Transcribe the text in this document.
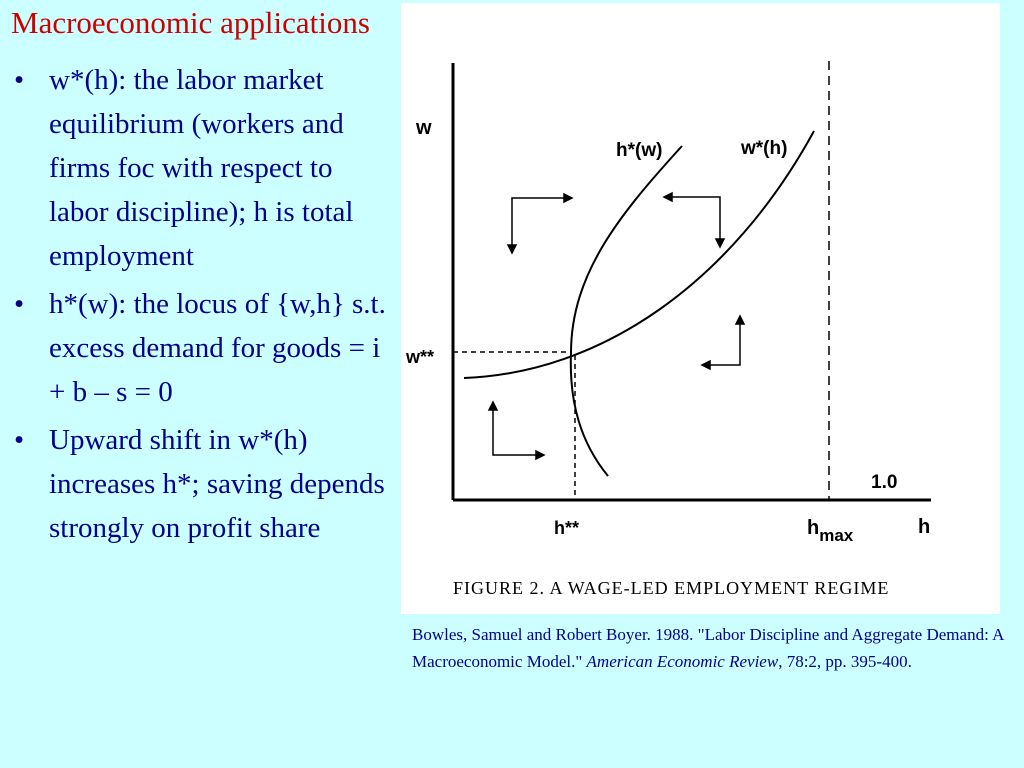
Macroeconomic applications
• w*(h): the labor market equilibrium (workers and firms foc with respect to labor discipline); h is total employment
• h*(w): the locus of {w,h} s.t. excess demand for goods = i + b – s = 0
• Upward shift in w*(h) increases h*; saving depends strongly on profit share
w
h
h*(w)	w*(h)
w**
h**	$h_{max}$
1.0
FIGURE 2. A WAGE-LED EMPLOYMENT REGIME
Bowles, Samuel and Robert Boyer. 1988. "Labor Discipline and Aggregate Demand: A Macroeconomic Model." American Economic Review, 78:2, pp. 395-400.
